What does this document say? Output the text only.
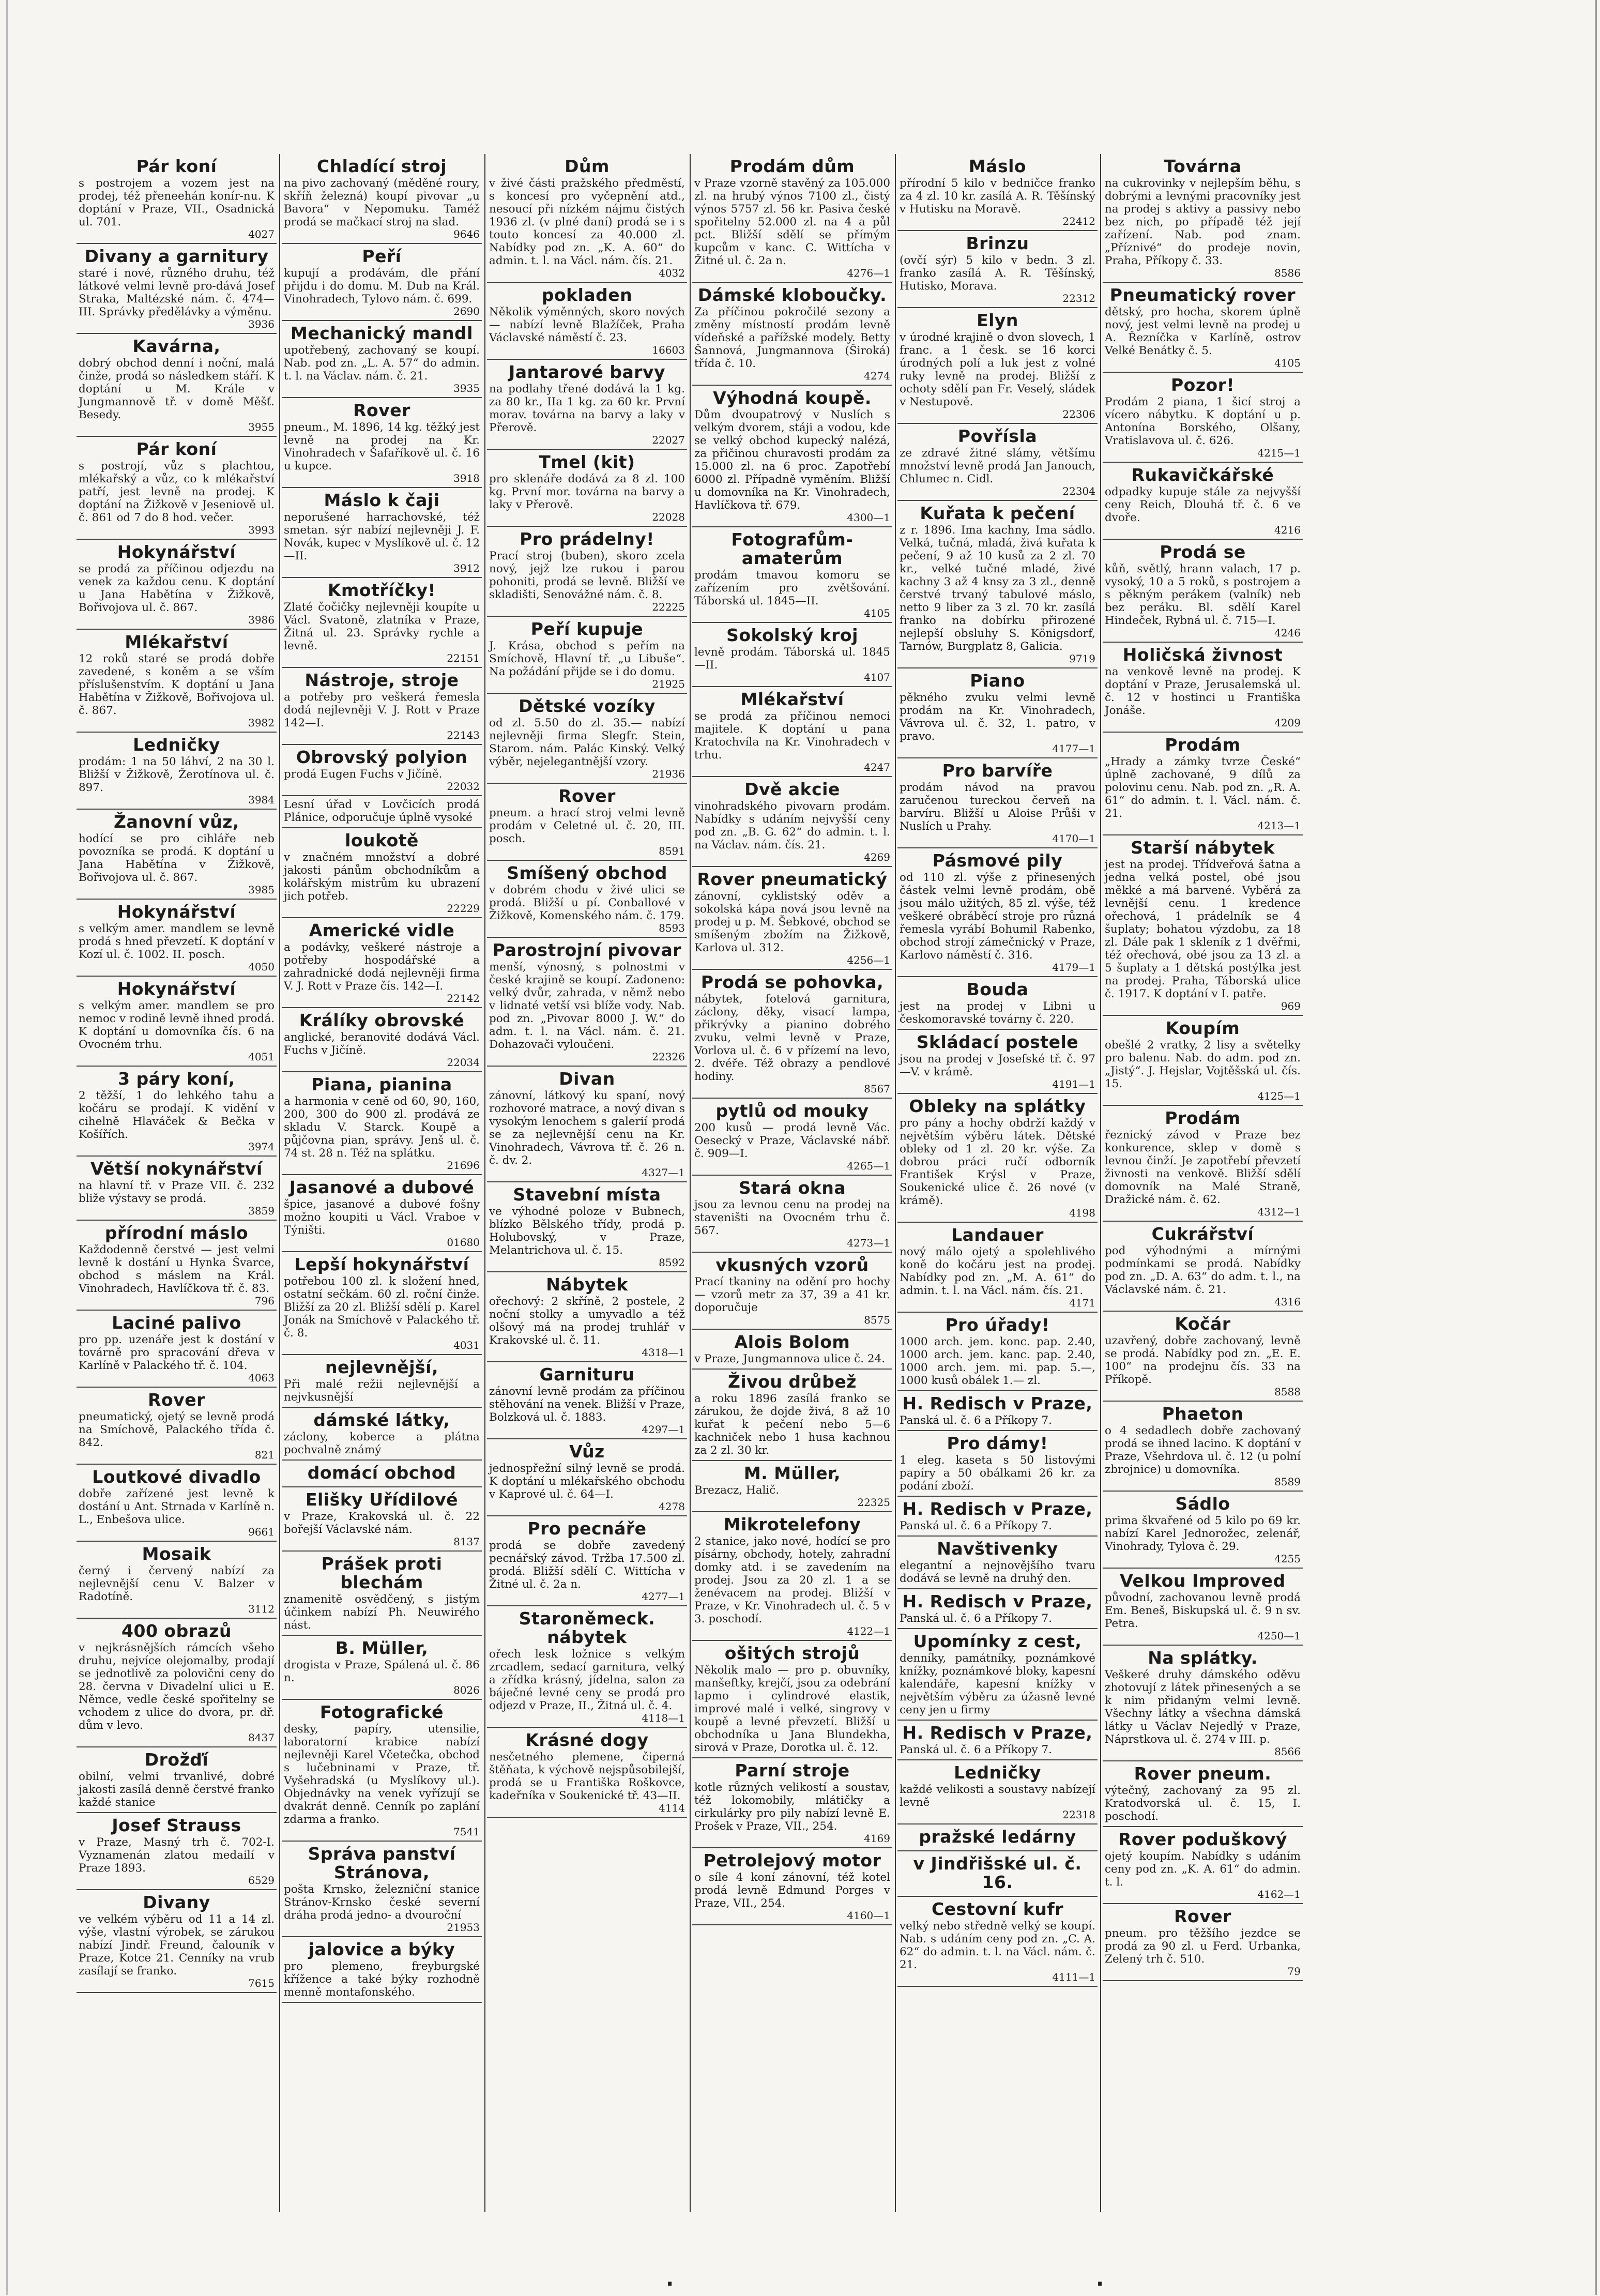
Pár koní

s postrojem a vozem jest na prodej, též přeneehán konír-nu. K doptání v Praze, VII., Osadnická ul. 701.

4027
Divany a garnitury

staré i nové, různého druhu, též látkové velmi levně pro-dává Josef Straka, Maltézské nám. č. 474—III. Správky předělávky a výměnu.

3936
Kavárna,

dobrý obchod denní i noční, malá činže, prodá so následkem stáří. K doptání u M. Krále v Jungmannově tř. v domě Měšť. Besedy.

3955
Pár koní

s postrojí, vůz s plachtou, mlékařský a vůz, co k mlékařství patří, jest levně na prodej. K doptání na Žižkově v Jeseniově ul. č. 861 od 7 do 8 hod. večer.

3993
Hokynářství

se prodá za příčinou odjezdu na venek za každou cenu. K doptání u Jana Habětína v Žižkově, Bořivojova ul. č. 867.

3986
Mlékařství

12 roků staré se prodá dobře zavedené, s koněm a se vším příslušenstvím. K doptání u Jana Habětína v Žižkově, Bořivojova ul. č. 867.

3982
Ledničky

prodám: 1 na 50 láhví, 2 na 30 l. Bližší v Žižkově, Žerotínova ul. č. 897.

3984
Žanovní vůz,

hodící se pro cihláře neb povozníka se prodá. K doptání u Jana Habětína v Žižkově, Bořivojova ul. č. 867.

3985
Hokynářství

s velkým amer. mandlem se levně prodá s hned převzetí. K doptání v Kozí ul. č. 1002. II. posch.

4050
Hokynářství

s velkým amer. mandlem se pro nemoc v rodině levně ihned prodá. K doptání u domovníka čís. 6 na Ovocném trhu.

4051
3 páry koní,

2 těžší, 1 do lehkého tahu a kočáru se prodají. K vidění v cihelně Hlaváček & Bečka v Košířích.

3974
Větší nokynářství

na hlavní tř. v Praze VII. č. 232 bliže výstavy se prodá.

3859
přírodní máslo

Každodenně čerstvé — jest velmi levně k dostání u Hynka Švarce, obchod s máslem na Král. Vinohradech, Havlíčkova tř. č. 83.

796
Laciné palivo

pro pp. uzenáře jest k dostání v továrně pro spracování dřeva v Karlíně v Palackého tř. č. 104.

4063
Rover

pneumatický, ojetý se levně prodá na Smíchově, Palackého třída č. 842.

821
Loutkové divadlo

dobře zařízené jest levně k dostání u Ant. Strnada v Karlíně n. L., Enbešova ulice.

9661
Mosaik

černý i červený nabízí za nejlevnější cenu V. Balzer v Radotíně.

3112
400 obrazů

v nejkrásnějších rámcích všeho druhu, nejvíce olejomalby, prodají se jednotlivě za polovični ceny do 28. června v Divadelní ulici u E. Němce, vedle české spořitelny se vchodem z ulice do dvora, pr. dř. dům v levo.

8437
Drožďí

obilní, velmi trvanlivé, dobré jakosti zasílá denně čerstvé franko každé stanice

Josef Strauss

v Praze, Masný trh č. 702-I. Vyznamenán zlatou medailí v Praze 1893.

6529
Divany

ve velkém výběru od 11 a 14 zl. výše, vlastní výrobek, se zárukou nabízí Jindř. Freund, čalouník v Praze, Kotce 21. Cenníky na vrub zasílají se franko.

7615
Chladící stroj

na pivo zachovaný (měděné roury, skříň železná) koupí pivovar „u Bavora“ v Nepomuku. Taméž prodá se mačkací stroj na slad.

9646
Peří

kupují a prodávám, dle přání přijdu i do domu. M. Dub na Král. Vinohradech, Tylovo nám. č. 699.

2690
Mechanický mandl

upotřebený, zachovaný se koupí. Nab. pod zn. „L. A. 57“ do admin. t. l. na Václav. nám. č. 21.

3935
Rover

pneum., M. 1896, 14 kg. těžký jest levně na prodej na Kr. Vinohradech v Šafaříkově ul. č. 16 u kupce.

3918
Máslo k čaji

neporušené harrachovské, též smetan. sýr nabízí nejlevněji J. F. Novák, kupec v Myslíkově ul. č. 12—II.

3912
Kmotříčky!

Zlaté čočičky nejlevněji koupíte u Václ. Svatoně, zlatníka v Praze, Žitná ul. 23. Správky rychle a levně.

22151
Nástroje, stroje

a potřeby pro veškerá řemesla dodá nejlevněji V. J. Rott v Praze 142—I.

22143
Obrovský polyion

prodá Eugen Fuchs v Jičíně.

22032

Lesní úřad v Lovčicích prodá Plánice, odporučuje úplně vysoké

loukotě

v značném množství a dobré jakosti pánům obchodníkům a kolářským mistrům ku ubrazení jich potřeb.

22229
Americké vidle

a podávky, veškeré nástroje a potřeby hospodářské a zahradnické dodá nejlevněji firma V. J. Rott v Praze čís. 142—I.

22142
Králíky obrovské

anglické, beranovité dodává Václ. Fuchs v Jičíně.

22034
Piana, pianina

a harmonia v ceně od 60, 90, 160, 200, 300 do 900 zl. prodává ze skladu V. Starck. Koupě a půjčovna pian, správy. Jenš ul. č. 74 st. 28 n. Též na splátku.

21696
Jasanové a dubové

špice, jasanové a dubové fošny možno koupiti u Václ. Vraboe v Týništi.

01680
Lepší hokynářství

potřebou 100 zl. k složení hned, ostatní sečkám. 60 zl. roční činže. Bližší za 20 zl. Bližší sdělí p. Karel Jonák na Smíchově v Palackého tř. č. 8.

4031
nejlevnější,

Při malé režii nejlevnější a nejvkusnější

dámské látky,

záclony, koberce a plátna pochvalně známý

domácí obchod
Elišky Uřídilové

v Praze, Krakovská ul. č. 22 bořejší Václavské nám.

8137
Prášek proti blechám

znamenitě osvědčený, s jistým účinkem nabízí Ph. Neuwirého nást.

B. Müller,

drogista v Praze, Spálená ul. č. 86 n.

8026
Fotografické

desky, papíry, utensilie, laboratorní krabice nabízí nejlevněji Karel Včetečka, obchod s lučebninami v Praze, tř. Vyšehradská (u Myslíkovy ul.). Objednávky na venek vyřízují se dvakrát denně. Cenník po zaplání zdarma a franko.

7541
Správa panství Stránova,

pošta Krnsko, železniční stanice Stránov-Krnsko české severní dráha prodá jedno- a dvouroční

21953
jalovice a býky

pro plemeno, freyburgské křížence a také býky rozhodně menně montafonského.

Dům

v živé části pražského předměstí, s koncesí pro vyčepnění atd., nesoucí při nízkém nájmu čistých 1936 zl. (v plné daní) prodá se i s touto koncesí za 40.000 zl. Nabídky pod zn. „K. A. 60“ do admin. t. l. na Václ. nám. čís. 21.

4032
pokladen

Několik výměnných, skoro nových — nabízí levně Blažíček, Praha Václavské náměstí č. 23.

16603
Jantarové barvy

na podlahy třené dodává la 1 kg. za 80 kr., IIa 1 kg. za 60 kr. První morav. továrna na barvy a laky v Přerově.

22027
Tmel (kit)

pro sklenáře dodává za 8 zl. 100 kg. První mor. továrna na barvy a laky v Přerově.

22028
Pro prádelny!

Prací stroj (buben), skoro zcela nový, jejž lze rukou i parou pohoniti, prodá se levně. Bližší ve skladišti, Senovážné nám. č. 8.

22225
Peří kupuje

J. Krása, obchod s peřím na Smíchově, Hlavní tř. „u Libuše“. Na požádání přijde se i do domu.

21925
Dětské vozíky

od zl. 5.50 do zl. 35.— nabízí nejlevněji firma Slegfr. Stein, Starom. nám. Palác Kinský. Velký výběr, nejelegantnější vzory.

21936
Rover

pneum. a hrací stroj velmi levně prodám v Celetné ul. č. 20, III. posch.

8591
Smíšený obchod

v dobrém chodu v živé ulici se prodá. Bližší u pí. Conballové v Žižkově, Komenského nám. č. 179.

8593
Parostrojní pivovar

menší, výnosný, s polnostmi v české krajině se koupí. Zadoneno: velký dvůr, zahrada, v němž nebo v lidnaté vetší vsi blíže vody. Nab. pod zn. „Pivovar 8000 J. W.“ do adm. t. l. na Václ. nám. č. 21. Dohazovači vyloučeni.

22326
Divan

zánovní, látkový ku spaní, nový rozhovoré matrace, a nový divan s vysokým lenochem s galerií prodá se za nejlevnější cenu na Kr. Vinohradech, Vávrova tř. č. 26 n. č. dv. 2.

4327—1
Stavební místa

ve výhodné poloze v Bubnech, blízko Bělského třídy, prodá p. Holubovský, v Praze, Melantrichova ul. č. 15.

8592
Nábytek

ořechový: 2 skříně, 2 postele, 2 noční stolky a umyvadlo a též olšový má na prodej truhlář v Krakovské ul. č. 11.

4318—1
Garnituru

zánovní levně prodám za příčinou stěhování na venek. Bližší v Praze, Bolzková ul. č. 1883.

4297—1
Vůz

jednospřežní silný levně se prodá. K doptání u mlékařského obchodu v Kaprové ul. č. 64—I.

4278
Pro pecnáře

prodá se dobře zavedený pecnářský závod. Tržba 17.500 zl. prodá. Bližší sdělí C. Wittícha v Žitné ul. č. 2a n.

4277—1
Staroněmeck. nábytek

ořech lesk ložnice s velkým zrcadlem, sedací garnitura, velký a zřídka krásný, jídelna, salon za báječné levné ceny se prodá pro odjezd v Praze, II., Žitná ul. č. 4.

4118—1
Krásné dogy

nesčetného plemene, čiperná štěňata, k výchově nejspůsobilejší, prodá se u Františka Roškovce, kadeřníka v Soukenické tř. 43—II.

4114
Prodám dům

v Praze vzorně stavěný za 105.000 zl. na hrubý výnos 7100 zl., čistý výnos 5757 zl. 56 kr. Pasiva české spořitelny 52.000 zl. na 4 a půl pct. Bližší sdělí se přímým kupcům v kanc. C. Wittícha v Žitné ul. č. 2a n.

4276—1
Dámské kloboučky.

Za příčinou pokročilé sezony a změny místností prodám levně vídeňské a pařížské modely. Betty Šannová, Jungmannova (Široká) třída č. 10.

4274
Výhodná koupě.

Dům dvoupatrový v Nuslích s velkým dvorem, stáji a vodou, kde se velký obchod kupecký nalézá, za přičinou churavosti prodám za 15.000 zl. na 6 proc. Zapotřebí 6000 zl. Případně vyměním. Bližší u domovníka na Kr. Vinohradech, Havlíčkova tř. 679.

4300—1
Fotografům-amaterům

prodám tmavou komoru se zařízením pro zvětšování. Táborská ul. 1845—II.

4105
Sokolský kroj

levně prodám. Táborská ul. 1845—II.

4107
Mlékařství

se prodá za příčinou nemoci majitele. K doptání u pana Kratochvíla na Kr. Vinohradech v trhu.

4247
Dvě akcie

vinohradského pivovarn prodám. Nabídky s udáním nejvyšší ceny pod zn. „B. G. 62“ do admin. t. l. na Václav. nám. čís. 21.

4269
Rover pneumatický

zánovní, cyklistský oděv a sokolská kápa nová jsou levně na prodej u p. M. Šebkové, obchod se smíšeným zbožím na Žižkově, Karlova ul. 312.

4256—1
Prodá se pohovka,

nábytek, fotelová garnitura, záclony, děky, visací lampa, přikrývky a pianino dobrého zvuku, velmi levně v Praze, Vorlova ul. č. 6 v přízemí na levo, 2. dvéře. Též obrazy a pendlové hodiny.

8567
pytlů od mouky

200 kusů — prodá levně Vác. Oesecký v Praze, Václavské nábř. č. 909—I.

4265—1
Stará okna

jsou za levnou cenu na prodej na staveništi na Ovocném trhu č. 567.

4273—1
vkusných vzorů

Prací tkaniny na odění pro hochy — vzorů metr za 37, 39 a 41 kr. doporučuje

8575
Alois Bolom

v Praze, Jungmannova ulice č. 24.

Živou drůbež

a roku 1896 zasílá franko se zárukou, že dojde živá, 8 až 10 kuřat k pečení nebo 5—6 kachniček nebo 1 husa kachnou za 2 zl. 30 kr.

M. Müller,

Brezacz, Halič.

22325
Mikrotelefony

2 stanice, jako nové, hodící se pro písárny, obchody, hotely, zahradní domky atd. i se zavedením na prodej. Jsou za 20 zl. 1 a se ženévacem na prodej. Bližší v Praze, v Kr. Vinohradech ul. č. 5 v 3. poschodí.

4122—1
ošitých strojů

Několik malo — pro p. obuvníky, manšeftky, krejčí, jsou za odebrání lapmo i cylindrové elastik, imprové malé i velké, singrovy v koupě a levné převzetí. Bližší u obchodníka u Jana Blundekha, sirová v Praze, Dorotka ul. č. 12.

Parní stroje

kotle různých velikostí a soustav, též lokomobily, mlátičky a cirkulárky pro pily nabízí levně E. Prošek v Praze, VII., 254.

4169
Petrolejový motor

o síle 4 koní zánovní, též kotel prodá levně Edmund Porges v Praze, VII., 254.

4160—1
Máslo

přírodní 5 kilo v bedničce franko za 4 zl. 10 kr. zasílá A. R. Těšínský v Hutisku na Moravě.

22412
Brinzu

(ovčí sýr) 5 kilo v bedn. 3 zl. franko zasílá A. R. Těšínský, Hutisko, Morava.

22312
Elyn

v úrodné krajině o dvon slovech, 1 franc. a 1 česk. se 16 korci úrodných polí a luk jest z volné ruky levně na prodej. Bližší z ochoty sdělí pan Fr. Veselý, sládek v Nestupově.

22306
Povřísla

ze zdravé žitné slámy, většímu množství levně prodá Jan Janouch, Chlumec n. Cidl.

22304
Kuřata k pečení

z r. 1896. Ima kachny, Ima sádlo. Velká, tučná, mladá, živá kuřata k pečení, 9 až 10 kusů za 2 zl. 70 kr., velké tučné mladé, živé kachny 3 až 4 knsy za 3 zl., denně čerstvé trvaný tabulové máslo, netto 9 liber za 3 zl. 70 kr. zasílá franko na dobírku přirozené nejlepší obsluhy S. Königsdorf, Tarnów, Burgplatz 8, Galicia.

9719
Piano

pěkného zvuku velmi levně prodám na Kr. Vinohradech, Vávrova ul. č. 32, 1. patro, v pravo.

4177—1
Pro barvíře

prodám návod na pravou zaručenou tureckou červeň na barvíru. Bližší u Aloise Průši v Nuslích u Prahy.

4170—1
Pásmové pily

od 110 zl. výše z přinesených částek velmi levně prodám, obě jsou málo užitých, 85 zl. výše, též veškeré obráběcí stroje pro různá řemesla vyrábí Bohumil Rabenko, obchod strojí zámečnický v Praze, Karlovo náměstí č. 316.

4179—1
Bouda

jest na prodej v Libni u českomoravské továrny č. 220.

Skládací postele

jsou na prodej v Josefské tř. č. 97—V. v krámě.

4191—1
Obleky na splátky

pro pány a hochy obdrží každý v největším výběru látek. Dětské obleky od 1 zl. 20 kr. výše. Za dobrou práci ručí odborník František Krýsl v Praze, Soukenické ulice č. 26 nové (v krámě).

4198
Landauer

nový málo ojetý a spolehlivého koně do kočáru jest na prodej. Nabídky pod zn. „M. A. 61“ do admin. t. l. na Václ. nám. čís. 21.

4171
Pro úřady!

1000 arch. jem. konc. pap. 2.40, 1000 arch. jem. kanc. pap. 2.40, 1000 arch. jem. mi. pap. 5.—, 1000 kusů obálek 1.— zl.

H. Redisch v Praze,

Panská ul. č. 6 a Příkopy 7.

Pro dámy!

1 eleg. kaseta s 50 listovými papíry a 50 obálkami 26 kr. za podání zboží.

H. Redisch v Praze,

Panská ul. č. 6 a Příkopy 7.

Navštivenky

elegantní a nejnovějšího tvaru dodává se levně na druhý den.

H. Redisch v Praze,

Panská ul. č. 6 a Příkopy 7.

Upomínky z cest,

denníky, památníky, poznámkové knížky, poznámkové bloky, kapesní kalendáře, kapesní knížky v největším výběru za úžasně levné ceny jen u firmy

H. Redisch v Praze,

Panská ul. č. 6 a Příkopy 7.

Ledničky

každé velikosti a soustavy nabízejí levně

22318
pražské ledárny
v Jindřišské ul. č. 16.
Cestovní kufr

velký nebo středně velký se koupí. Nab. s udáním ceny pod zn. „C. A. 62“ do admin. t. l. na Václ. nám. č. 21.

4111—1
Továrna

na cukrovinky v nejlepším běhu, s dobrými a levnými pracovníky jest na prodej s aktivy a passivy nebo bez nich, po případě též její zařízení. Nab. pod znam. „Příznivé“ do prodeje novin, Praha, Příkopy č. 33.

8586
Pneumatický rover

dětský, pro hocha, skorem úplně nový, jest velmi levně na prodej u A. Řezníčka v Karlíně, ostrov Velké Benátky č. 5.

4105
Pozor!

Prodám 2 piana, 1 šicí stroj a vícero nábytku. K doptání u p. Antonína Borského, Olšany, Vratislavova ul. č. 626.

4215—1
Rukavičkářské

odpadky kupuje stále za nejvyšší ceny Reich, Dlouhá tř. č. 6 ve dvoře.

4216
Prodá se

kůň, světlý, hrann valach, 17 p. vysoký, 10 a 5 roků, s postrojem a s pěkným perákem (valník) neb bez peráku. Bl. sdělí Karel Hindeček, Rybná ul. č. 715—I.

4246
Holičská živnost

na venkově levně na prodej. K doptání v Praze, Jerusalemská ul. č. 12 v hostinci u Františka Jonáše.

4209
Prodám

„Hrady a zámky tvrze České“ úplně zachované, 9 dílů za polovinu cenu. Nab. pod zn. „R. A. 61“ do admin. t. l. Václ. nám. č. 21.

4213—1
Starší nábytek

jest na prodej. Třídveřová šatna a jedna velká postel, obé jsou měkké a má barvené. Vyběrá za levnější cenu. 1 kredence ořechová, 1 prádelník se 4 šuplaty; bohatou výzdobu, za 18 zl. Dále pak 1 skleník z 1 dvěřmi, též ořechová, obé jsou za 13 zl. a 5 šuplaty a 1 dětská postýlka jest na prodej. Praha, Táborská ulice č. 1917. K doptání v I. patře.

969
Koupím

obešlé 2 vratky, 2 lisy a světelky pro balenu. Nab. do adm. pod zn. „Jistý“. J. Hejslar, Vojtěšská ul. čís. 15.

4125—1
Prodám

řeznický závod v Praze bez konkurence, sklep v domě s levnou činží. Je zapotřebí převzetí živnosti na venkově. Bližší sdělí domovník na Malé Straně, Dražické nám. č. 62.

4312—1
Cukrářství

pod výhodnými a mírnými podmínkami se prodá. Nabídky pod zn. „D. A. 63“ do adm. t. l., na Václavské nám. č. 21.

4316
Kočár

uzavřený, dobře zachovaný, levně se prodá. Nabídky pod zn. „E. E. 100“ na prodejnu čís. 33 na Příkopě.

8588
Phaeton

o 4 sedadlech dobře zachovaný prodá se ihned lacino. K doptání v Praze, Všehrdova ul. č. 12 (u polní zbrojnice) u domovníka.

8589
Sádlo

prima škvařené od 5 kilo po 69 kr. nabízí Karel Jednorožec, zelenář, Vinohrady, Tylova č. 29.

4255
Velkou Improved

původní, zachovanou levně prodá Em. Beneš, Biskupská ul. č. 9 n sv. Petra.

4250—1
Na splátky.

Veškeré druhy dámského oděvu zhotovují z látek přinesených a se k nim přidaným velmi levně. Všechny látky a všechna dámská látky u Václav Nejedlý v Praze, Náprstkova ul. č. 274 v III. p.

8566
Rover pneum.

výtečný, zachovaný za 95 zl. Kratodvorská ul. č. 15, I. poschodí.

Rover poduškový

ojetý koupím. Nabídky s udáním ceny pod zn. „K. A. 61“ do admin. t. l.

4162—1
Rover

pneum. pro těžšího jezdce se prodá za 90 zl. u Ferd. Urbanka, Zelený trh č. 510.

79
·	.
